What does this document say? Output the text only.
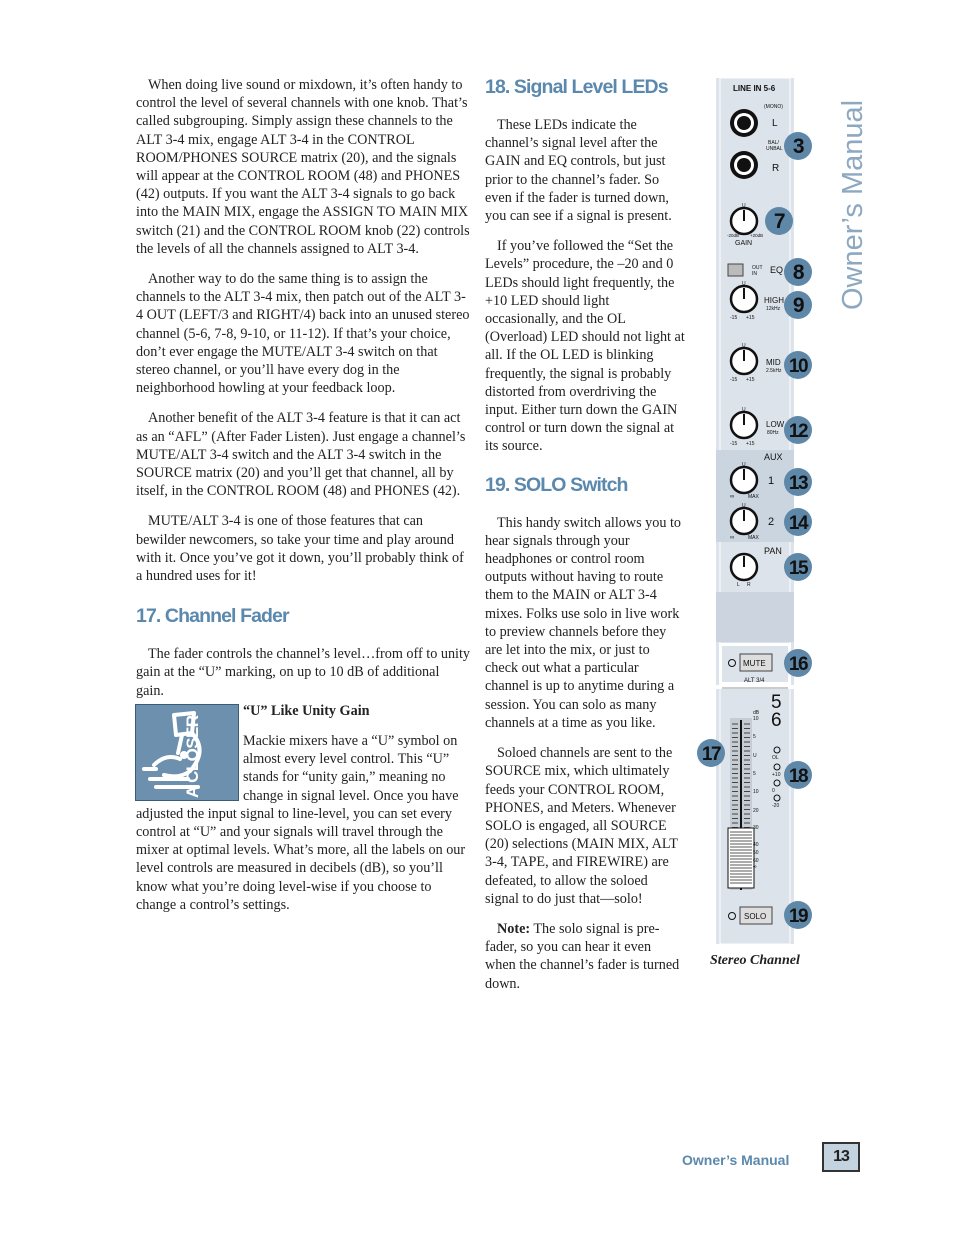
When doing live sound or mixdown, it’s often handy to control the level of several channels with one knob. That’s called subgrouping. Simply assign these channels to the ALT 3-4 mix, engage ALT 3-4 in the CONTROL ROOM/PHONES SOURCE matrix (20), and the signals will appear at the CONTROL ROOM (48) and PHONES (42) outputs. If you want the ALT 3-4 signals to go back into the MAIN MIX, engage the ASSIGN TO MAIN MIX switch (21) and the CONTROL ROOM knob (22) controls the levels of all the channels assigned to ALT 3-4.

Another way to do the same thing is to assign the channels to the ALT 3-4 mix, then patch out of the ALT 3-4 OUT (LEFT/3 and RIGHT/4) back into an unused stereo channel (5-6, 7-8, 9-10, or 11-12). If that’s your choice, don’t ever engage the MUTE/ALT 3-4 switch on that stereo channel, or you’ll have every dog in the neighborhood howling at your feedback loop.

Another benefit of the ALT 3-4 feature is that it can act as an “AFL” (After Fader Listen). Just engage a channel’s MUTE/ALT 3-4 switch and the ALT 3-4 switch in the SOURCE matrix (20) and you’ll get that channel, all by itself, in the CONTROL ROOM (48) and PHONES (42).

MUTE/ALT 3-4 is one of those features that can bewilder newcomers, so take your time and play around with it. Once you’ve got it down, you’ll probably think of a hundred uses for it!

17. Channel Fader

The fader controls the channel’s level…from off to unity gain at the “U” marking, on up to 10 dB of additional gain.	A CLOSER LOOK	“U” Like Unity Gain
Mackie mixers have a “U” symbol on almost every level control. This “U” stands for “unity gain,” meaning no change in signal level. Once you have adjusted the input signal to line-level, you can set every control at “U” and your signals will travel through the mixer at optimal levels. What’s more, all the labels on our level controls are measured in decibels (dB), so you’ll know what you’re doing level-wise if you choose to change a control’s settings.
18. Signal Level LEDs

These LEDs indicate the channel’s signal level after the GAIN and EQ controls, but just prior to the channel’s fader. So even if the fader is turned down, you can see if a signal is present.

If you’ve followed the “Set the Levels” procedure, the –20 and 0 LEDs should light frequently, the +10 LED should light occasionally, and the OL (Overload) LED should not light at all. If the OL LED is blinking frequently, the signal is probably distorted from overdriving the input. Either turn down the GAIN control or turn down the signal at its source.

19. SOLO Switch

This handy switch allows you to hear signals through your headphones or control room outputs without having to route them to the MAIN or ALT 3-4 mixes. Folks use solo in live work to preview channels before they are let into the mix, or just to check out what a particular channel is up to anytime during a session. You can solo as many channels at a time as you like.

Soloed channels are sent to the SOURCE mix, which ultimately feeds your CONTROL ROOM, PHONES, and Meters. Whenever SOLO is engaged, all SOURCE (20) selections (MAIN MIX, ALT 3-4, TAPE, and FIREWIRE) are defeated, to allow the soloed signal to do just that—solo!

Note: The solo signal is pre-fader, so you can hear it even when the channel’s fader is turned down.

LINE IN 5-6
(MONO)
L
BAL/
UNBAL
R
U
-20dB +20dB
GAIN
OUT
IN EQ
U
HIGH
12kHz
-15 +15
U
MID
2.5kHz
-15 +15
U
LOW
80Hz
-15 +15
AUX
U
1
∞	MAX
U
2
∞	MAX
PAN
L R
MUTE
ALT 3/4
5
6
dB
10
5
U
5
10
20
30
40
50
60
∞
OL
+10
0
-20
SOLO
3
7
8
9
10
12
13
14
15
16
17
18
19
Owner’s Manual
Stereo Channel
Owner’s Manual	13
